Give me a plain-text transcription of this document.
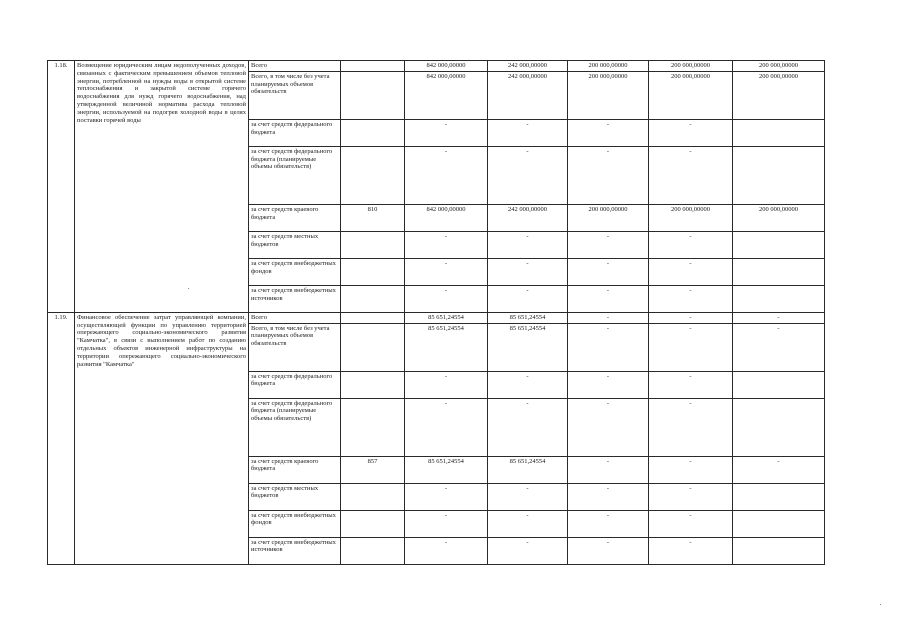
1.18.	Возмещение юридическим лицам недополученных доходов, связанных с фактическим превышением объемов тепловой энергии, потребленной на нужды воды в открытой системе теплоснабжения и закрытой системе горячего водоснабжения для нужд горячего водоснабжения, над утвержденной величиной норматива расхода тепловой энергии, используемой на подогрев холодной воды в целях поставки горячей воды	Всего		842 000,00000	242 000,00000	200 000,00000	200 000,00000	200 000,00000
		Всего, в том числе без учета планируемых объемов обязательств		842 000,00000	242 000,00000	200 000,00000	200 000,00000	200 000,00000
		за счет средств федерального бюджета		-	-	-	-	
		за счет средств федерального бюджета (планируемые объемы обязательств)		-	-	-	-	
		за счет средств краевого бюджета	810	842 000,00000	242 000,00000	200 000,00000	200 000,00000	200 000,00000
		за счет средств местных бюджетов		-	-	-	-	
		за счет средств внебюджетных фондов		-	-	-	-	
		за счет средств внебюджетных источников		-	-	-	-	
1.19.	Финансовое обеспечение затрат управляющей компании, осуществляющей функции по управлению территорией опережающего социально-экономического развития "Камчатка", в связи с выполнением работ по созданию отдельных объектов инженерной инфраструктуры на территории опережающего социально-экономического развития "Камчатка"	Всего		85 651,24554	85 651,24554	-	-	-
		Всего, в том числе без учета планируемых объемов обязательств		85 651,24554	85 651,24554	-	-	-
		за счет средств федерального бюджета		-	-	-	-	
		за счет средств федерального бюджета (планируемые объемы обязательств)		-	-	-	-	
		за счет средств краевого бюджета	857	85 651,24554	85 651,24554	-	-	-
		за счет средств местных бюджетов		-	-	-	-	
		за счет средств внебюджетных фондов		-	-	-	-	
		за счет средств внебюджетных источников		-	-	-	-	
